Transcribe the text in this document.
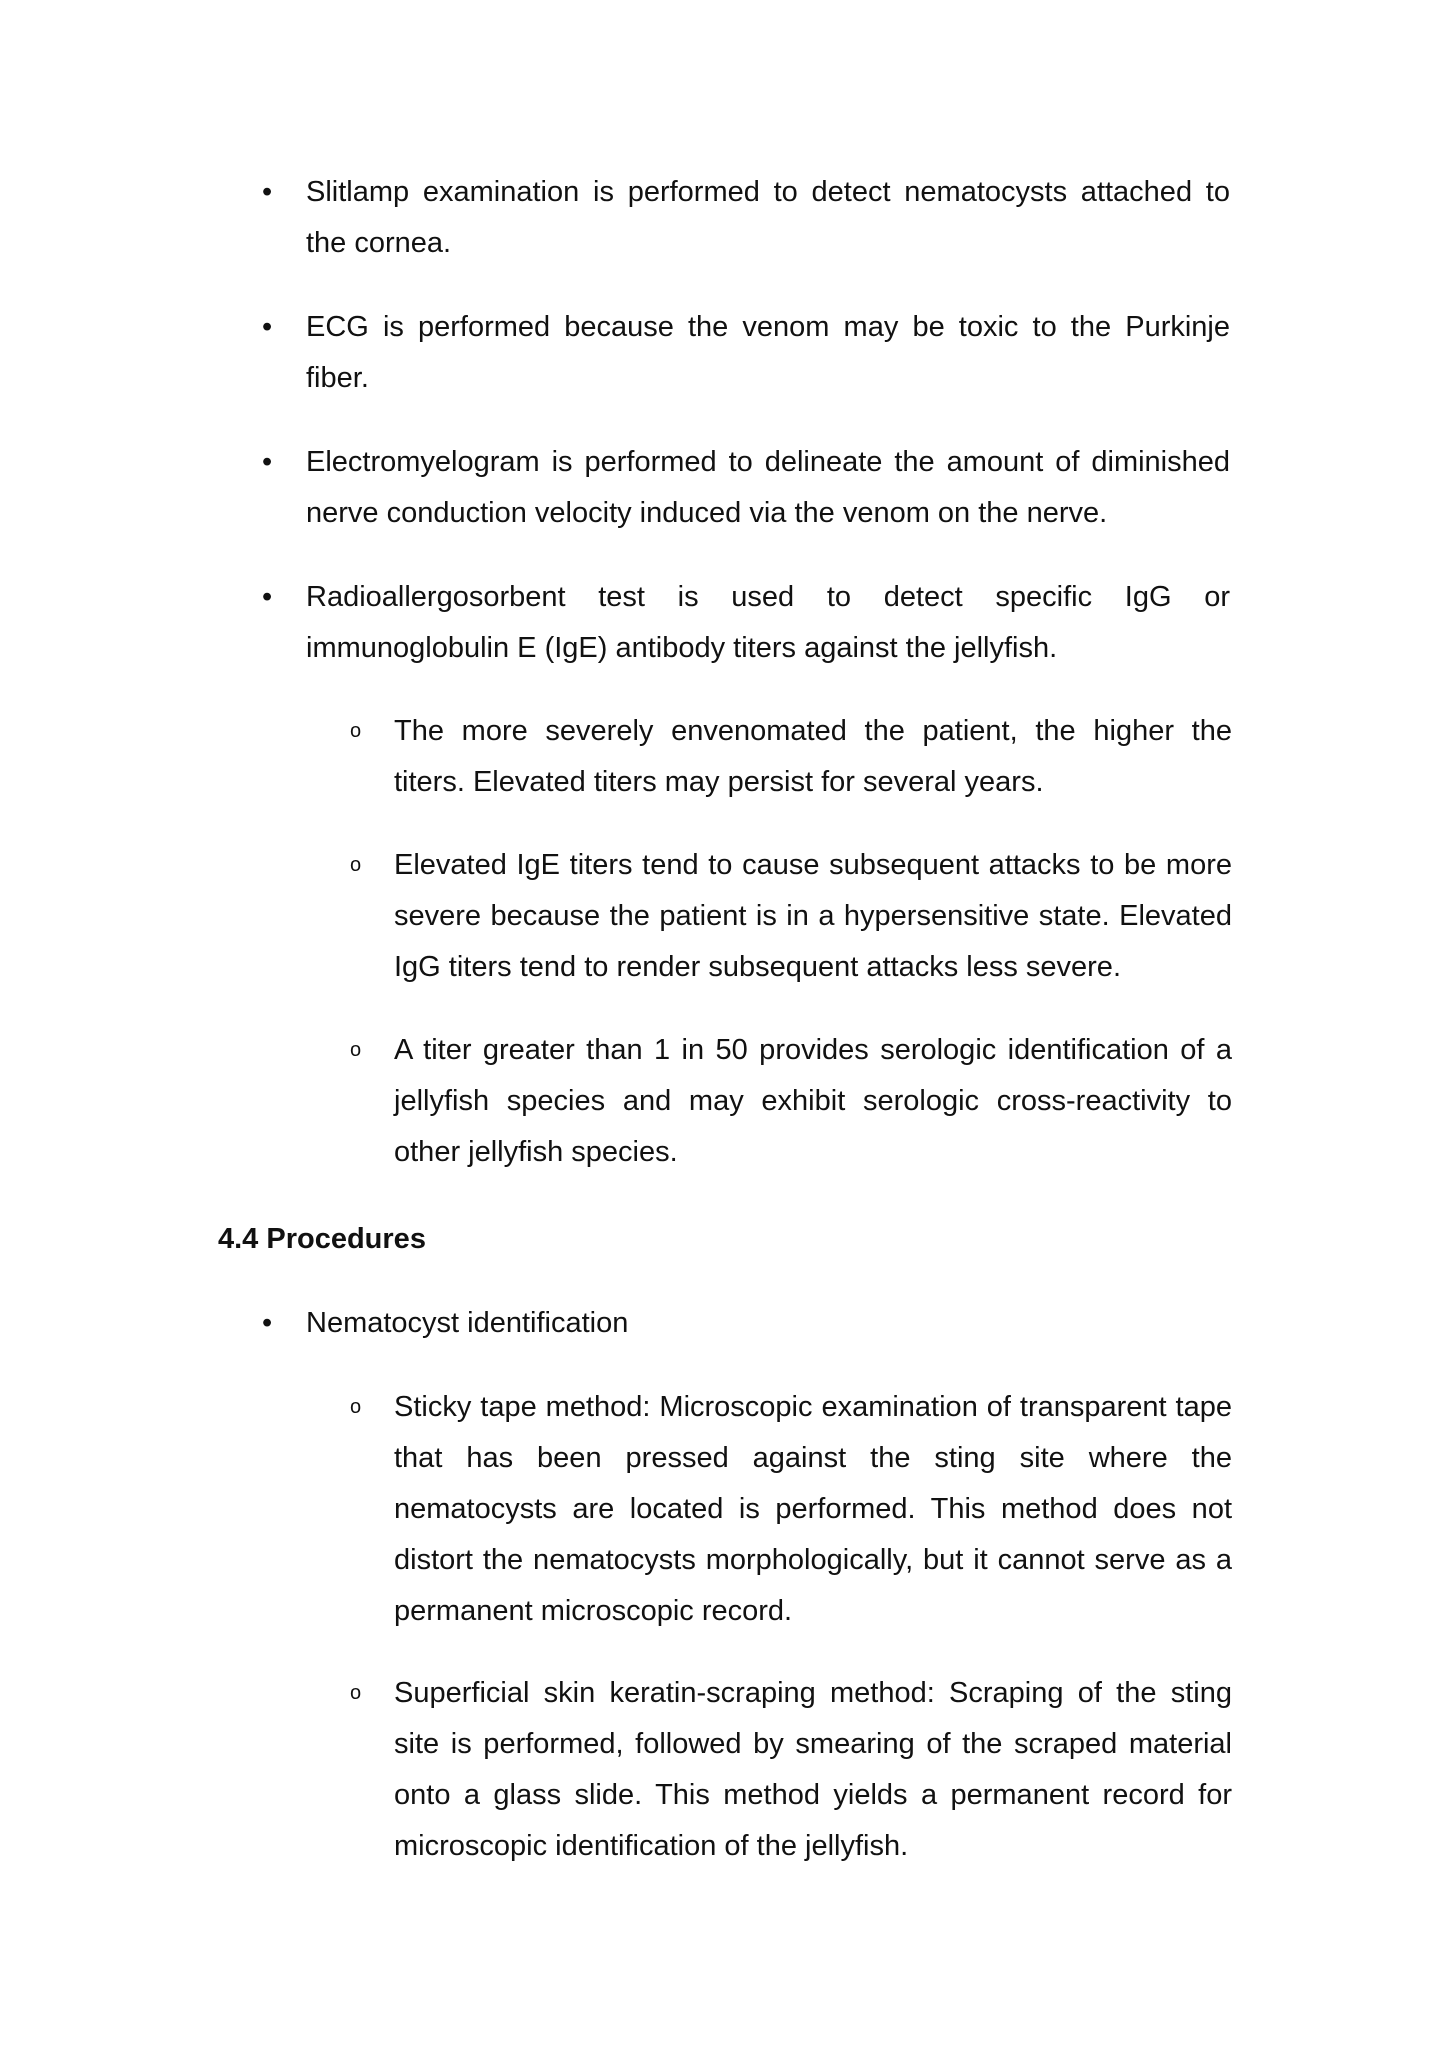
• Slitlamp examination is performed to detect nematocysts attached to the cornea.
• ECG is performed because the venom may be toxic to the Purkinje fiber.
• Electromyelogram is performed to delineate the amount of diminished nerve conduction velocity induced via the venom on the nerve.
• Radioallergosorbent test is used to detect specific IgG or immunoglobulin E (IgE) antibody titers against the jellyfish.
o The more severely envenomated the patient, the higher the titers. Elevated titers may persist for several years.
o Elevated IgE titers tend to cause subsequent attacks to be more severe because the patient is in a hypersensitive state. Elevated IgG titers tend to render subsequent attacks less severe.
o A titer greater than 1 in 50 provides serologic identification of a jellyfish species and may exhibit serologic cross-reactivity to other jellyfish species.
4.4 Procedures
• Nematocyst identification
o Sticky tape method: Microscopic examination of transparent tape that has been pressed against the sting site where the nematocysts are located is performed. This method does not distort the nematocysts morphologically, but it cannot serve as a permanent microscopic record.
o Superficial skin keratin-scraping method: Scraping of the sting site is performed, followed by smearing of the scraped material onto a glass slide. This method yields a permanent record for microscopic identification of the jellyfish.
